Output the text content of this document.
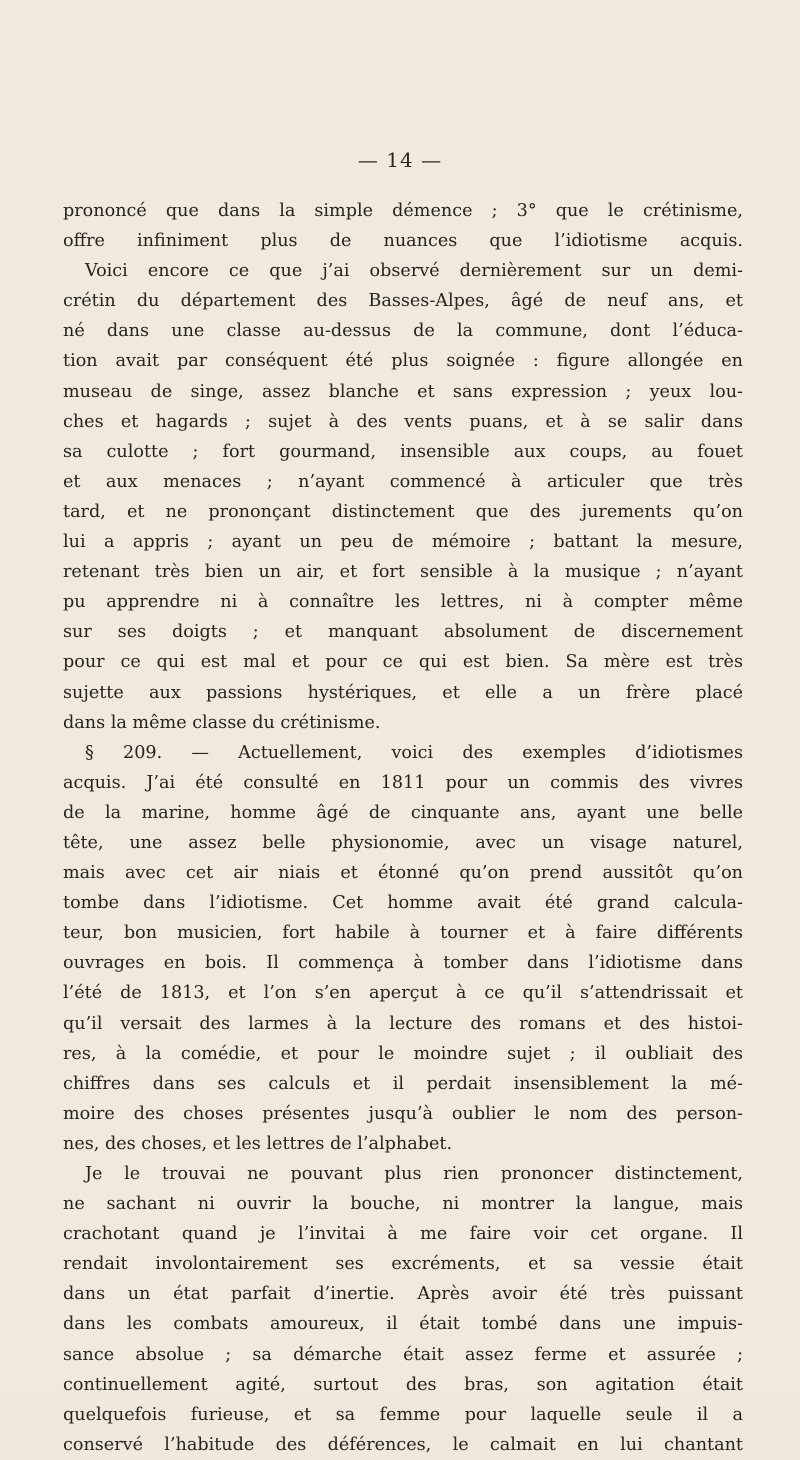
— 14 —
prononcé que dans la simple démence ; 3° que le crétinisme,
offre infiniment plus de nuances que l’idiotisme acquis.
Voici encore ce que j’ai observé dernièrement sur un demi-
crétin du département des Basses-Alpes, âgé de neuf ans, et
né dans une classe au-dessus de la commune, dont l’éduca-
tion avait par conséquent été plus soignée : figure allongée en
museau de singe, assez blanche et sans expression ; yeux lou-
ches et hagards ; sujet à des vents puans, et à se salir dans
sa culotte ; fort gourmand, insensible aux coups, au fouet
et aux menaces ; n’ayant commencé à articuler que très
tard, et ne prononçant distinctement que des jurements qu’on
lui a appris ; ayant un peu de mémoire ; battant la mesure,
retenant très bien un air, et fort sensible à la musique ; n’ayant
pu apprendre ni à connaître les lettres, ni à compter même
sur ses doigts ; et manquant absolument de discernement
pour ce qui est mal et pour ce qui est bien. Sa mère est très
sujette aux passions hystériques, et elle a un frère placé
dans la même classe du crétinisme.
§ 209. — Actuellement, voici des exemples d’idiotismes
acquis. J’ai été consulté en 1811 pour un commis des vivres
de la marine, homme âgé de cinquante ans, ayant une belle
tête, une assez belle physionomie, avec un visage naturel,
mais avec cet air niais et étonné qu’on prend aussitôt qu’on
tombe dans l’idiotisme. Cet homme avait été grand calcula-
teur, bon musicien, fort habile à tourner et à faire différents
ouvrages en bois. Il commença à tomber dans l’idiotisme dans
l’été de 1813, et l’on s’en aperçut à ce qu’il s’attendrissait et
qu’il versait des larmes à la lecture des romans et des histoi-
res, à la comédie, et pour le moindre sujet ; il oubliait des
chiffres dans ses calculs et il perdait insensiblement la mé-
moire des choses présentes jusqu’à oublier le nom des person-
nes, des choses, et les lettres de l’alphabet.
Je le trouvai ne pouvant plus rien prononcer distinctement,
ne sachant ni ouvrir la bouche, ni montrer la langue, mais
crachotant quand je l’invitai à me faire voir cet organe. Il
rendait involontairement ses excréments, et sa vessie était
dans un état parfait d’inertie. Après avoir été très puissant
dans les combats amoureux, il était tombé dans une impuis-
sance absolue ; sa démarche était assez ferme et assurée ;
continuellement agité, surtout des bras, son agitation était
quelquefois furieuse, et sa femme pour laquelle seule il a
conservé l’habitude des déférences, le calmait en lui chantant
